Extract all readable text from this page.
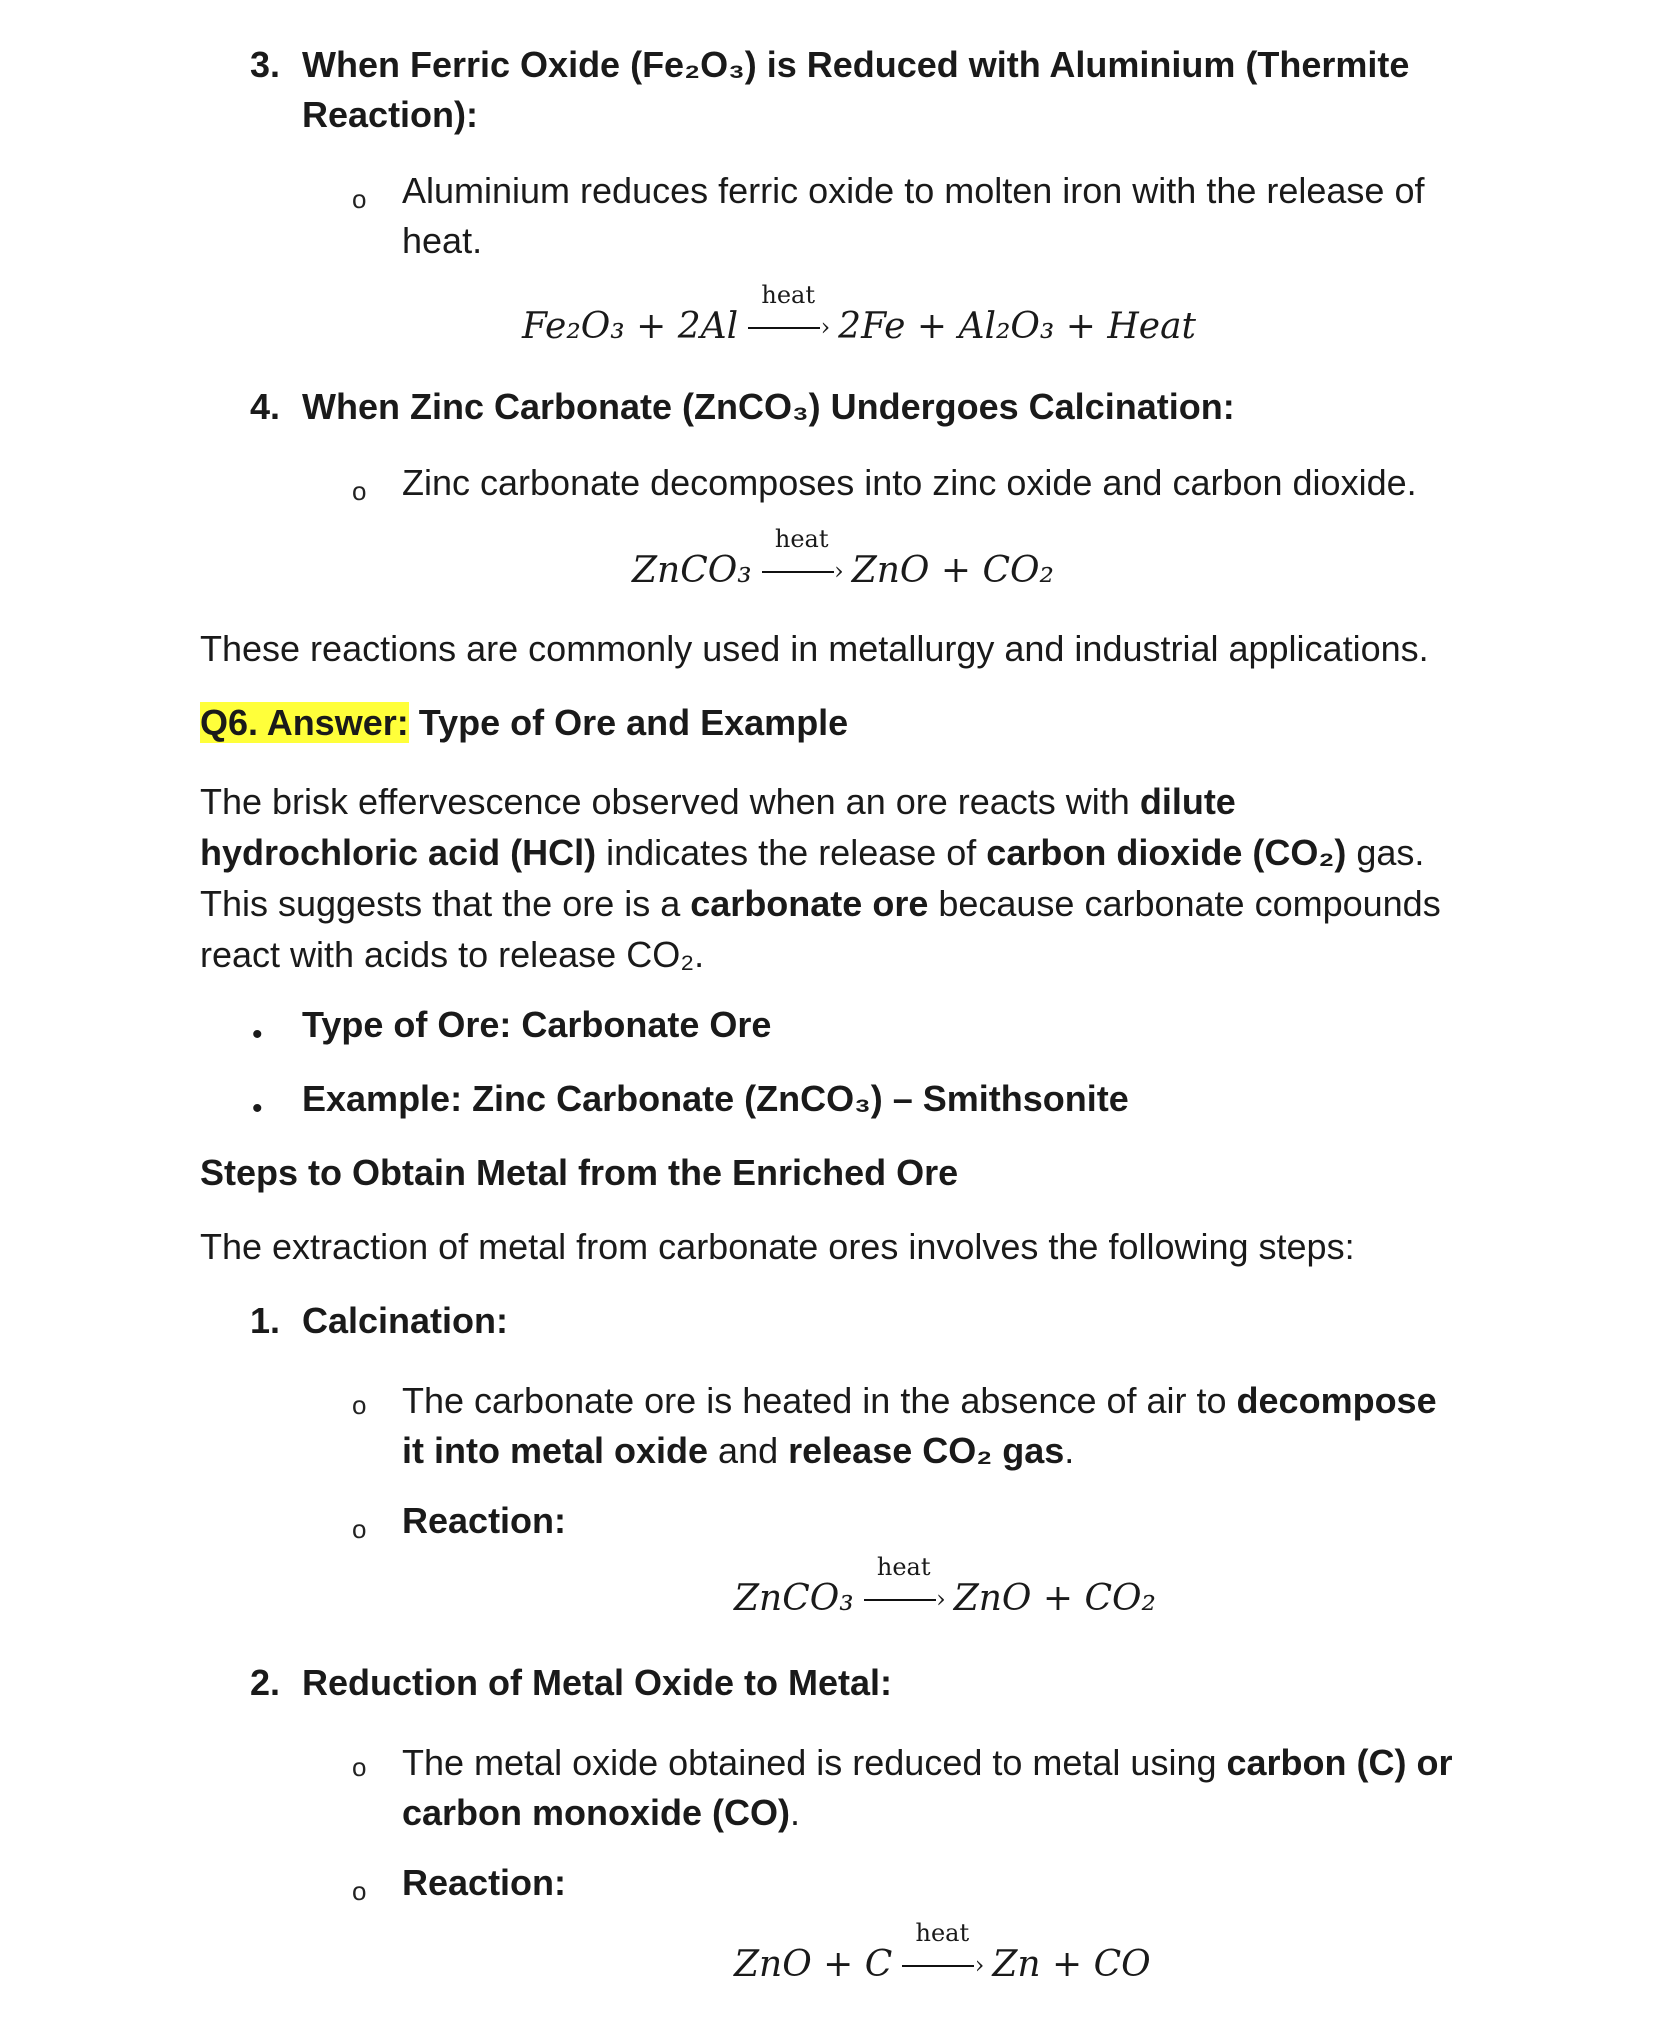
3. When Ferric Oxide (Fe₂O₃) is Reduced with Aluminium (Thermite
Reaction):
o Aluminium reduces ferric oxide to molten iron with the release of
heat.
Fe₂O₃ + 2Al
heat
› 2Fe + Al₂O₃ + Heat
4. When Zinc Carbonate (ZnCO₃) Undergoes Calcination:
o Zinc carbonate decomposes into zinc oxide and carbon dioxide.
ZnCO₃
heat
› ZnO + CO₂
These reactions are commonly used in metallurgy and industrial applications.
Q6. Answer: Type of Ore and Example
The brisk effervescence observed when an ore reacts with dilute hydrochloric acid (HCl) indicates the release of carbon dioxide (CO₂) gas. This suggests that the ore is a carbonate ore because carbonate compounds react with acids to release CO₂.
• Type of Ore: Carbonate Ore
• Example: Zinc Carbonate (ZnCO₃) – Smithsonite
Steps to Obtain Metal from the Enriched Ore
The extraction of metal from carbonate ores involves the following steps:
1. Calcination:
o The carbonate ore is heated in the absence of air to decompose it into metal oxide and release CO₂ gas.
o Reaction:
ZnCO₃
heat
› ZnO + CO₂
2. Reduction of Metal Oxide to Metal:
o The metal oxide obtained is reduced to metal using carbon (C) or carbon monoxide (CO).
o Reaction:
ZnO + C
heat
› Zn + CO
